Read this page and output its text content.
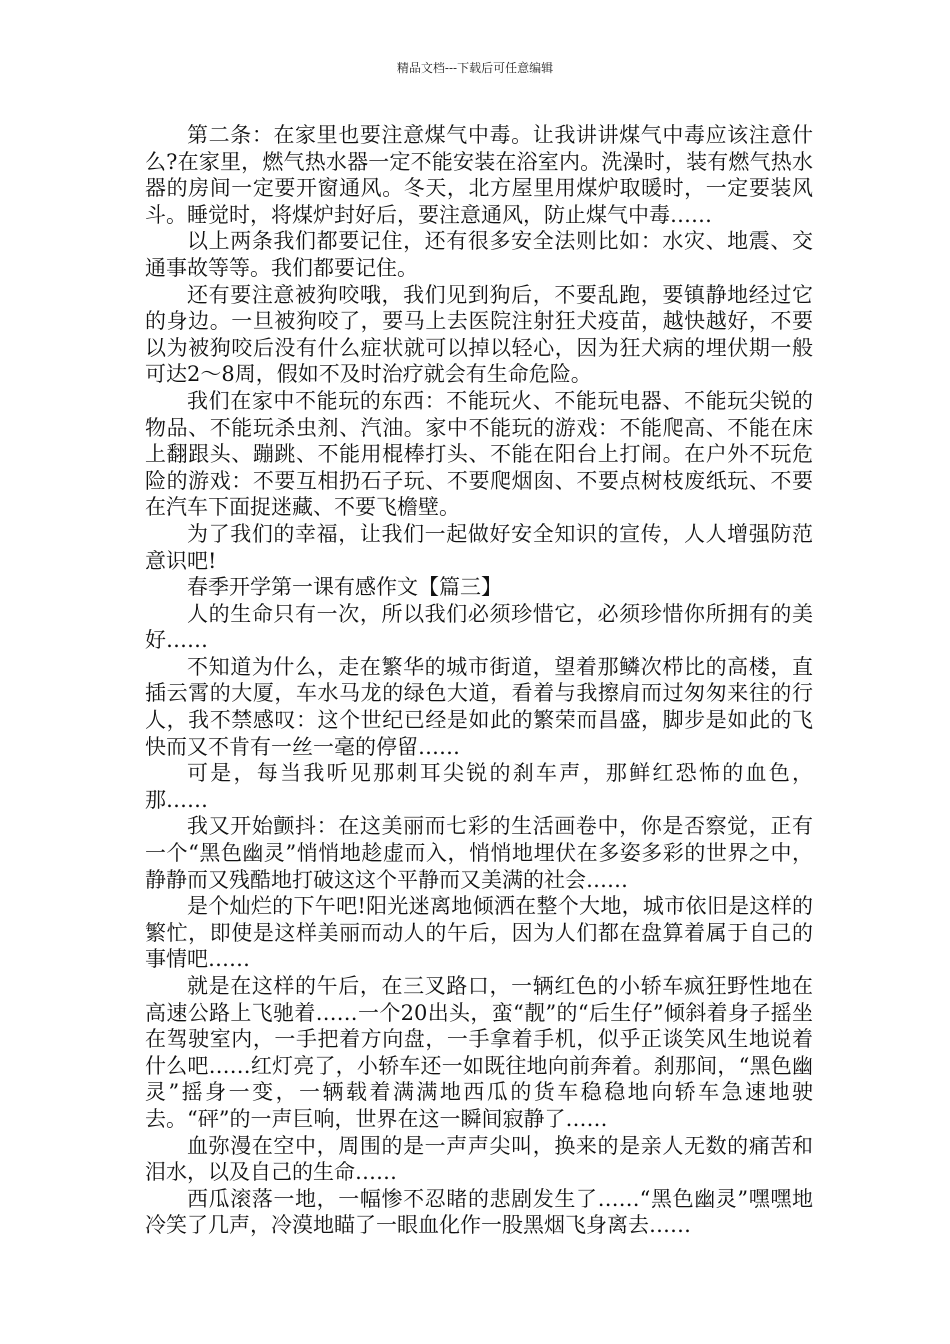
精品文档---下载后可任意编辑

第二条：在家里也要注意煤气中毒。让我讲讲煤气中毒应该注意什么?在家里，燃气热水器一定不能安装在浴室内。洗澡时，装有燃气热水器的房间一定要开窗通风。冬天，北方屋里用煤炉取暖时，一定要装风斗。睡觉时，将煤炉封好后，要注意通风，防止煤气中毒……

以上两条我们都要记住，还有很多安全法则比如：水灾、地震、交通事故等等。我们都要记住。

还有要注意被狗咬哦，我们见到狗后，不要乱跑，要镇静地经过它的身边。一旦被狗咬了，要马上去医院注射狂犬疫苗，越快越好，不要以为被狗咬后没有什么症状就可以掉以轻心，因为狂犬病的埋伏期一般可达2～8周，假如不及时治疗就会有生命危险。

我们在家中不能玩的东西：不能玩火、不能玩电器、不能玩尖锐的物品、不能玩杀虫剂、汽油。家中不能玩的游戏：不能爬高、不能在床上翻跟头、蹦跳、不能用棍棒打头、不能在阳台上打闹。在户外不玩危险的游戏：不要互相扔石子玩、不要爬烟囱、不要点树枝废纸玩、不要在汽车下面捉迷藏、不要飞檐壁。

为了我们的幸福，让我们一起做好安全知识的宣传，人人增强防范意识吧!

春季开学第一课有感作文【篇三】

人的生命只有一次，所以我们必须珍惜它，必须珍惜你所拥有的美好……

不知道为什么，走在繁华的城市街道，望着那鳞次栉比的高楼，直插云霄的大厦，车水马龙的绿色大道，看着与我擦肩而过匆匆来往的行人，我不禁感叹：这个世纪已经是如此的繁荣而昌盛，脚步是如此的飞快而又不肯有一丝一毫的停留……

可是，每当我听见那刺耳尖锐的刹车声，那鲜红恐怖的血色，那……

我又开始颤抖：在这美丽而七彩的生活画卷中，你是否察觉，正有一个“黑色幽灵”悄悄地趁虚而入，悄悄地埋伏在多姿多彩的世界之中，静静而又残酷地打破这这个平静而又美满的社会……

是个灿烂的下午吧!阳光迷离地倾洒在整个大地，城市依旧是这样的繁忙，即使是这样美丽而动人的午后，因为人们都在盘算着属于自己的事情吧……

就是在这样的午后，在三叉路口，一辆红色的小轿车疯狂野性地在高速公路上飞驰着……一个20出头，蛮“靓”的“后生仔”倾斜着身子摇坐在驾驶室内，一手把着方向盘，一手拿着手机，似乎正谈笑风生地说着什么吧……红灯亮了，小轿车还一如既往地向前奔着。刹那间，“黑色幽灵”摇身一变，一辆载着满满地西瓜的货车稳稳地向轿车急速地驶去。“砰”的一声巨响，世界在这一瞬间寂静了……

血弥漫在空中，周围的是一声声尖叫，换来的是亲人无数的痛苦和泪水，以及自己的生命……

西瓜滚落一地，一幅惨不忍睹的悲剧发生了……“黑色幽灵”嘿嘿地冷笑了几声，冷漠地瞄了一眼血化作一股黑烟飞身离去……
